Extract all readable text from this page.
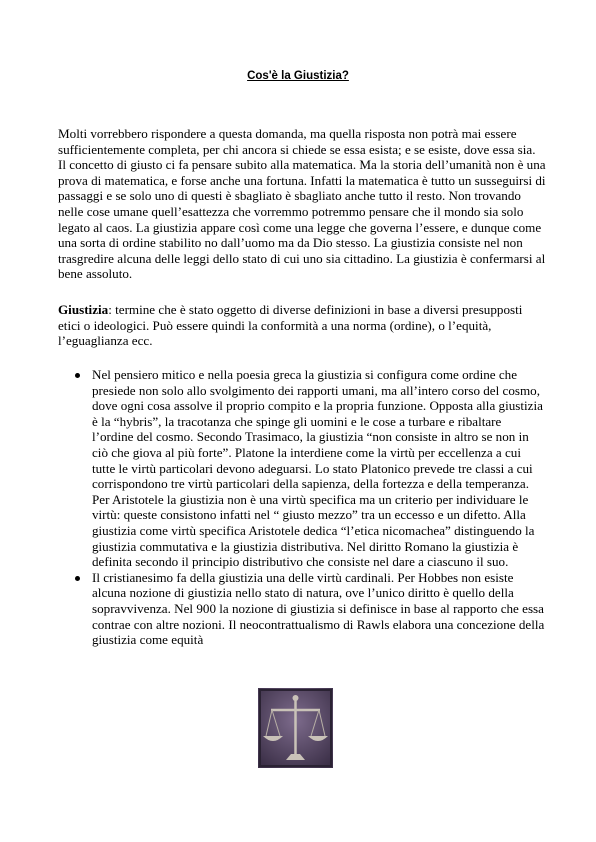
Cos'è la Giustizia?

Molti vorrebbero rispondere a questa domanda, ma quella risposta non potrà mai essere sufficientemente completa, per chi ancora si chiede se essa esista; e se esiste, dove essa sia. Il concetto di giusto ci fa pensare subito alla matematica. Ma la storia dell’umanità non è una prova di matematica, e forse anche una fortuna. Infatti la matematica è tutto un susseguirsi di passaggi e se solo uno di questi è sbagliato è sbagliato anche tutto il resto. Non trovando nelle cose umane quell’esattezza che vorremmo potremmo pensare che il mondo sia solo legato al caos. La giustizia appare così come una legge che governa l’essere, e dunque come una sorta di ordine stabilito no dall’uomo ma da Dio stesso. La giustizia consiste nel non trasgredire alcuna delle leggi dello stato di cui uno sia cittadino. La giustizia è confermarsi al bene assoluto.

Giustizia: termine che è stato oggetto di diverse definizioni in base a diversi presupposti etici o ideologici. Può essere quindi la conformità a una norma (ordine), o l’equità, l’eguaglianza ecc.

Nel pensiero mitico e nella poesia greca la giustizia si configura come ordine che presiede non solo allo svolgimento dei rapporti umani, ma all’intero corso del cosmo, dove ogni cosa assolve il proprio compito e la propria funzione. Opposta alla giustizia è la “hybris”, la tracotanza che spinge gli uomini e le cose a turbare e ribaltare l’ordine del cosmo. Secondo Trasimaco, la giustizia “non consiste in altro se non in ciò che giova al più forte”. Platone la interdiene come la virtù per eccellenza a cui tutte le virtù particolari devono adeguarsi. Lo stato Platonico prevede tre classi a cui corrispondono tre virtù particolari della sapienza, della fortezza e della temperanza. Per Aristotele la giustizia non è una virtù specifica ma un criterio per individuare le virtù: queste consistono infatti nel “ giusto mezzo” tra un eccesso e un difetto. Alla giustizia come virtù specifica Aristotele dedica “l’etica nicomachea” distinguendo la giustizia commutativa e la giustizia distributiva. Nel diritto Romano la giustizia è definita secondo il principio distributivo che consiste nel dare a ciascuno il suo.
Il cristianesimo fa della giustizia una delle virtù cardinali. Per Hobbes non esiste alcuna nozione di giustizia nello stato di natura, ove l’unico diritto è quello della sopravvivenza. Nel 900 la nozione di giustizia si definisce in base al rapporto che essa contrae con altre nozioni. Il neocontrattualismo di Rawls elabora una concezione della giustizia come equità
